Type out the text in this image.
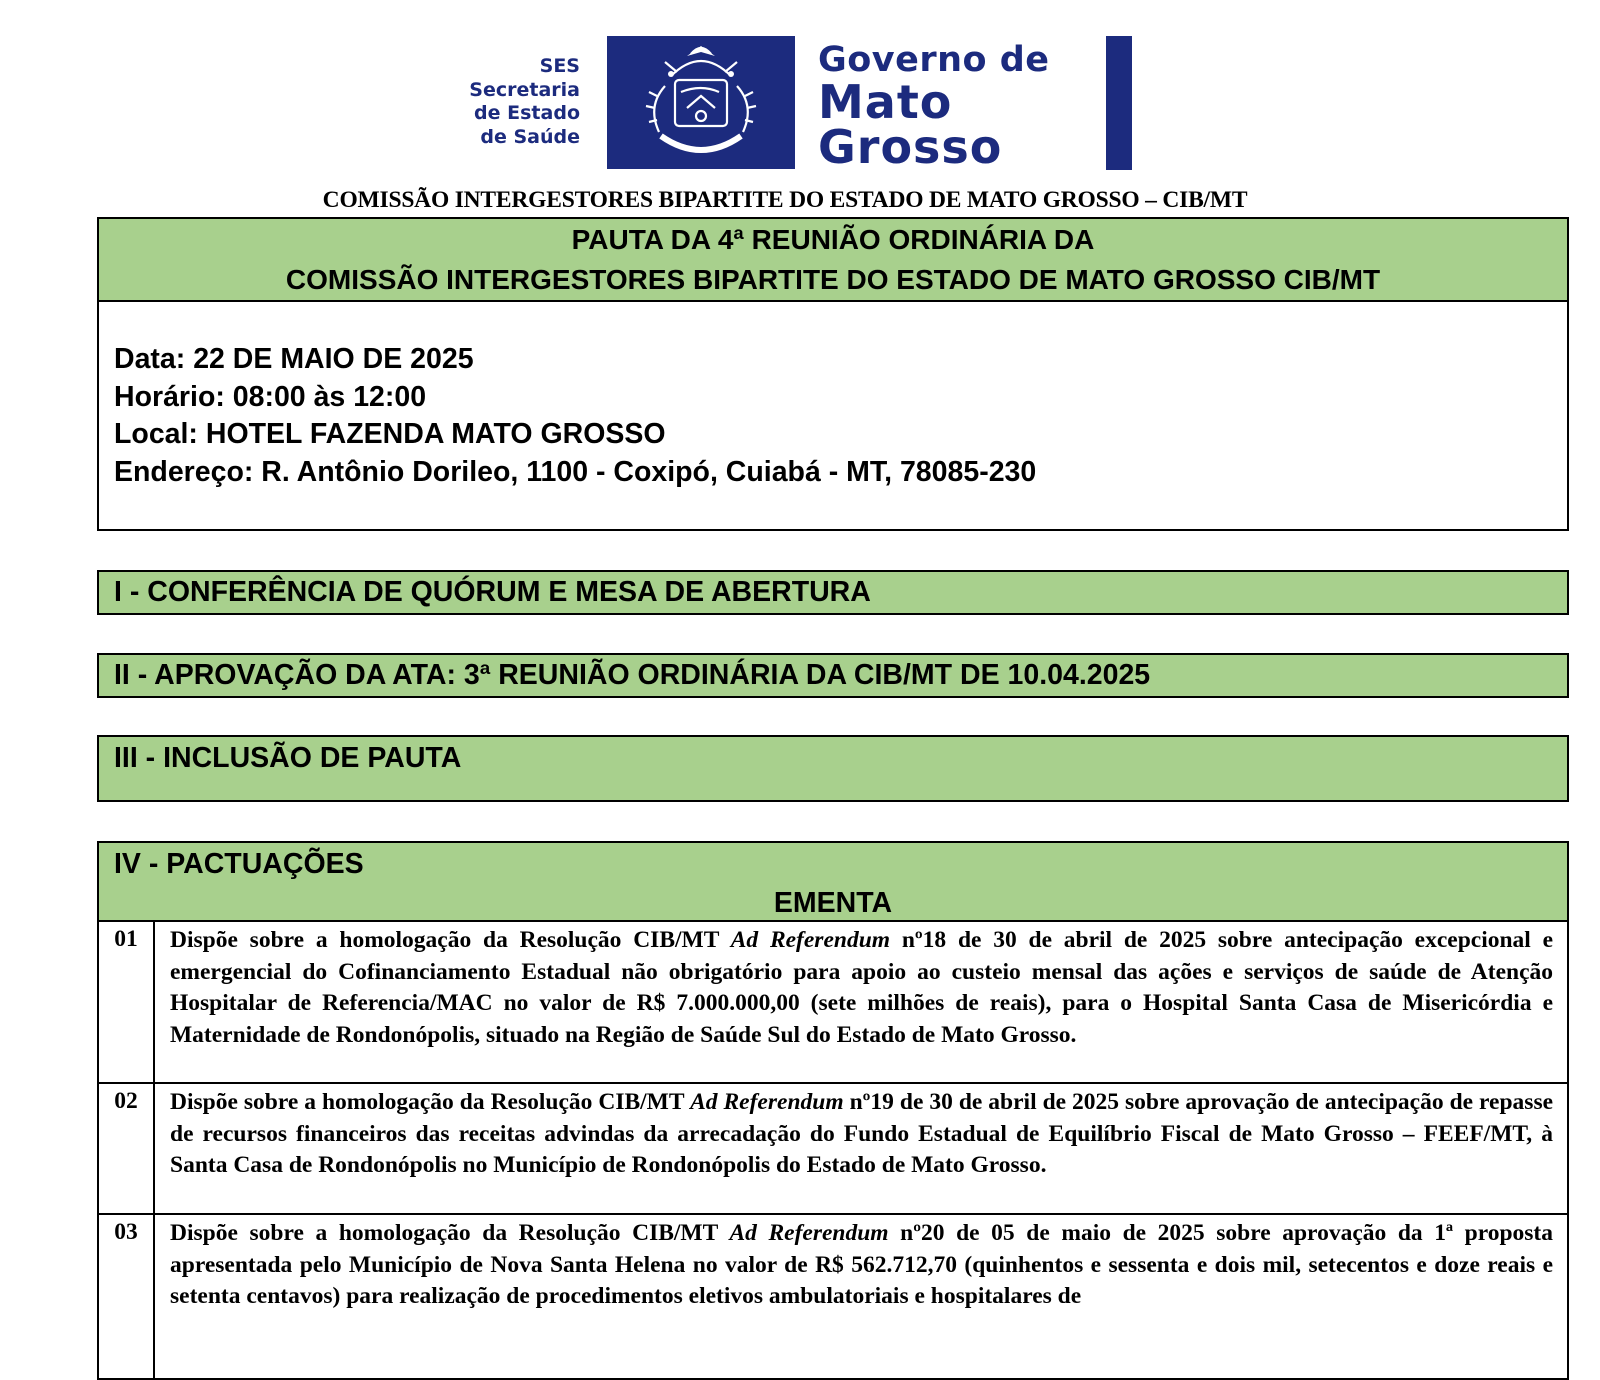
SES
Secretaria
de Estado
de Saúde
Governo de
Mato
Grosso
COMISSÃO INTERGESTORES BIPARTITE DO ESTADO DE MATO GROSSO – CIB/MT
PAUTA DA 4ª REUNIÃO ORDINÁRIA DA
COMISSÃO INTERGESTORES BIPARTITE DO ESTADO DE MATO GROSSO CIB/MT
Data: 22 DE MAIO DE 2025
Horário: 08:00 às 12:00
Local: HOTEL FAZENDA MATO GROSSO
Endereço: R. Antônio Dorileo, 1100 - Coxipó, Cuiabá - MT, 78085-230
I - CONFERÊNCIA DE QUÓRUM E MESA DE ABERTURA
II - APROVAÇÃO DA ATA: 3ª REUNIÃO ORDINÁRIA DA CIB/MT DE 10.04.2025
III - INCLUSÃO DE PAUTA
IV - PACTUAÇÕES
EMENTA
01	Dispõe sobre a homologação da Resolução CIB/MT Ad Referendum nº18 de 30 de abril de 2025 sobre antecipação excepcional e emergencial do Cofinanciamento Estadual não obrigatório para apoio ao custeio mensal das ações e serviços de saúde de Atenção Hospitalar de Referencia/MAC no valor de R$ 7.000.000,00 (sete milhões de reais), para o Hospital Santa Casa de Misericórdia e Maternidade de Rondonópolis, situado na Região de Saúde Sul do Estado de Mato Grosso.
02	Dispõe sobre a homologação da Resolução CIB/MT Ad Referendum nº19 de 30 de abril de 2025 sobre aprovação de antecipação de repasse de recursos financeiros das receitas advindas da arrecadação do Fundo Estadual de Equilíbrio Fiscal de Mato Grosso – FEEF/MT, à Santa Casa de Rondonópolis no Município de Rondonópolis do Estado de Mato Grosso.
03	Dispõe sobre a homologação da Resolução CIB/MT Ad Referendum nº20 de 05 de maio de 2025 sobre aprovação da 1ª proposta apresentada pelo Município de Nova Santa Helena no valor de R$ 562.712,70 (quinhentos e sessenta e dois mil, setecentos e doze reais e setenta centavos) para realização de procedimentos eletivos ambulatoriais e hospitalares de
